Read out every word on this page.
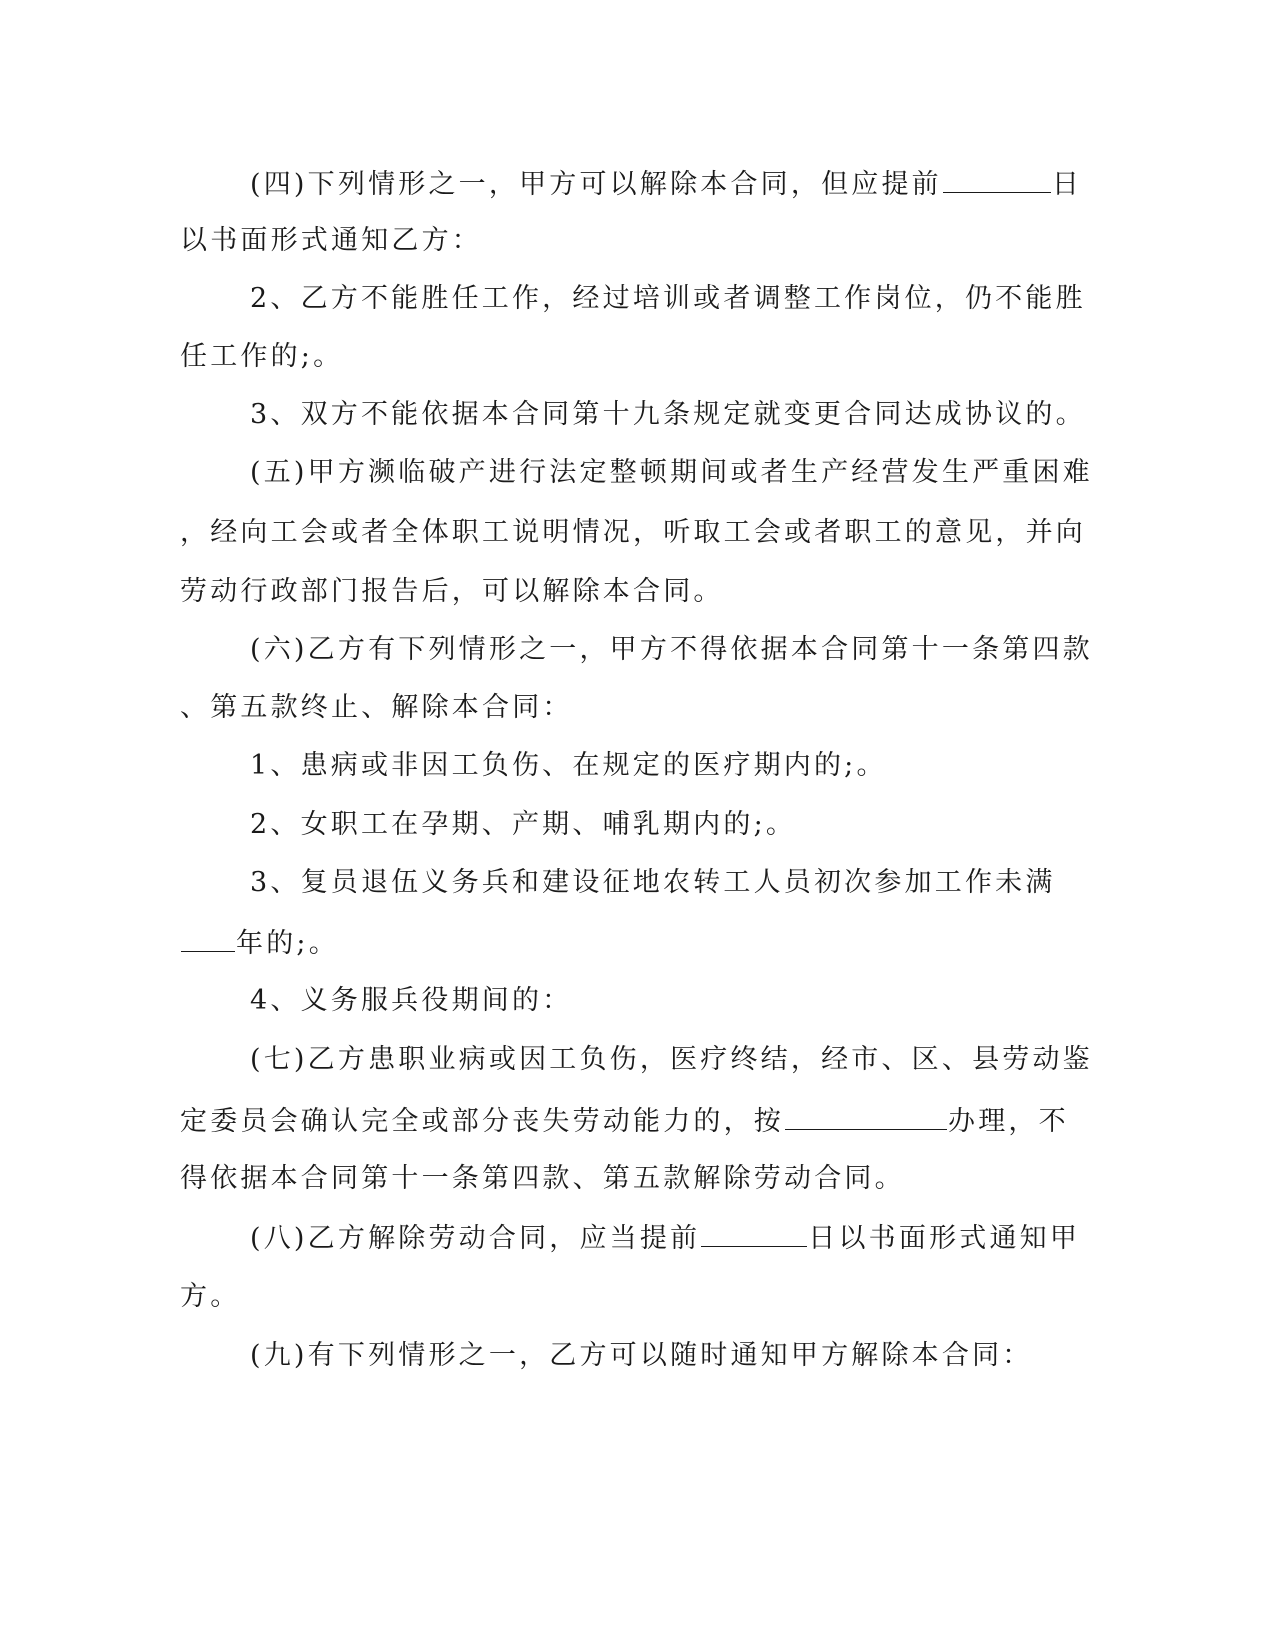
(四)下列情形之一，甲方可以解除本合同，但应提前	日
以书面形式通知乙方：
2、乙方不能胜任工作，经过培训或者调整工作岗位，仍不能胜
任工作的;。
3、双方不能依据本合同第十九条规定就变更合同达成协议的。
(五)甲方濒临破产进行法定整顿期间或者生产经营发生严重困难
，经向工会或者全体职工说明情况，听取工会或者职工的意见，并向
劳动行政部门报告后，可以解除本合同。
(六)乙方有下列情形之一，甲方不得依据本合同第十一条第四款
、第五款终止、解除本合同：
1、患病或非因工负伤、在规定的医疗期内的;。
2、女职工在孕期、产期、哺乳期内的;。
3、复员退伍义务兵和建设征地农转工人员初次参加工作未满
年的;。
4、义务服兵役期间的：
(七)乙方患职业病或因工负伤，医疗终结，经市、区、县劳动鉴
定委员会确认完全或部分丧失劳动能力的，按	办理，不
得依据本合同第十一条第四款、第五款解除劳动合同。
(八)乙方解除劳动合同，应当提前	日以书面形式通知甲
方。
(九)有下列情形之一，乙方可以随时通知甲方解除本合同：
